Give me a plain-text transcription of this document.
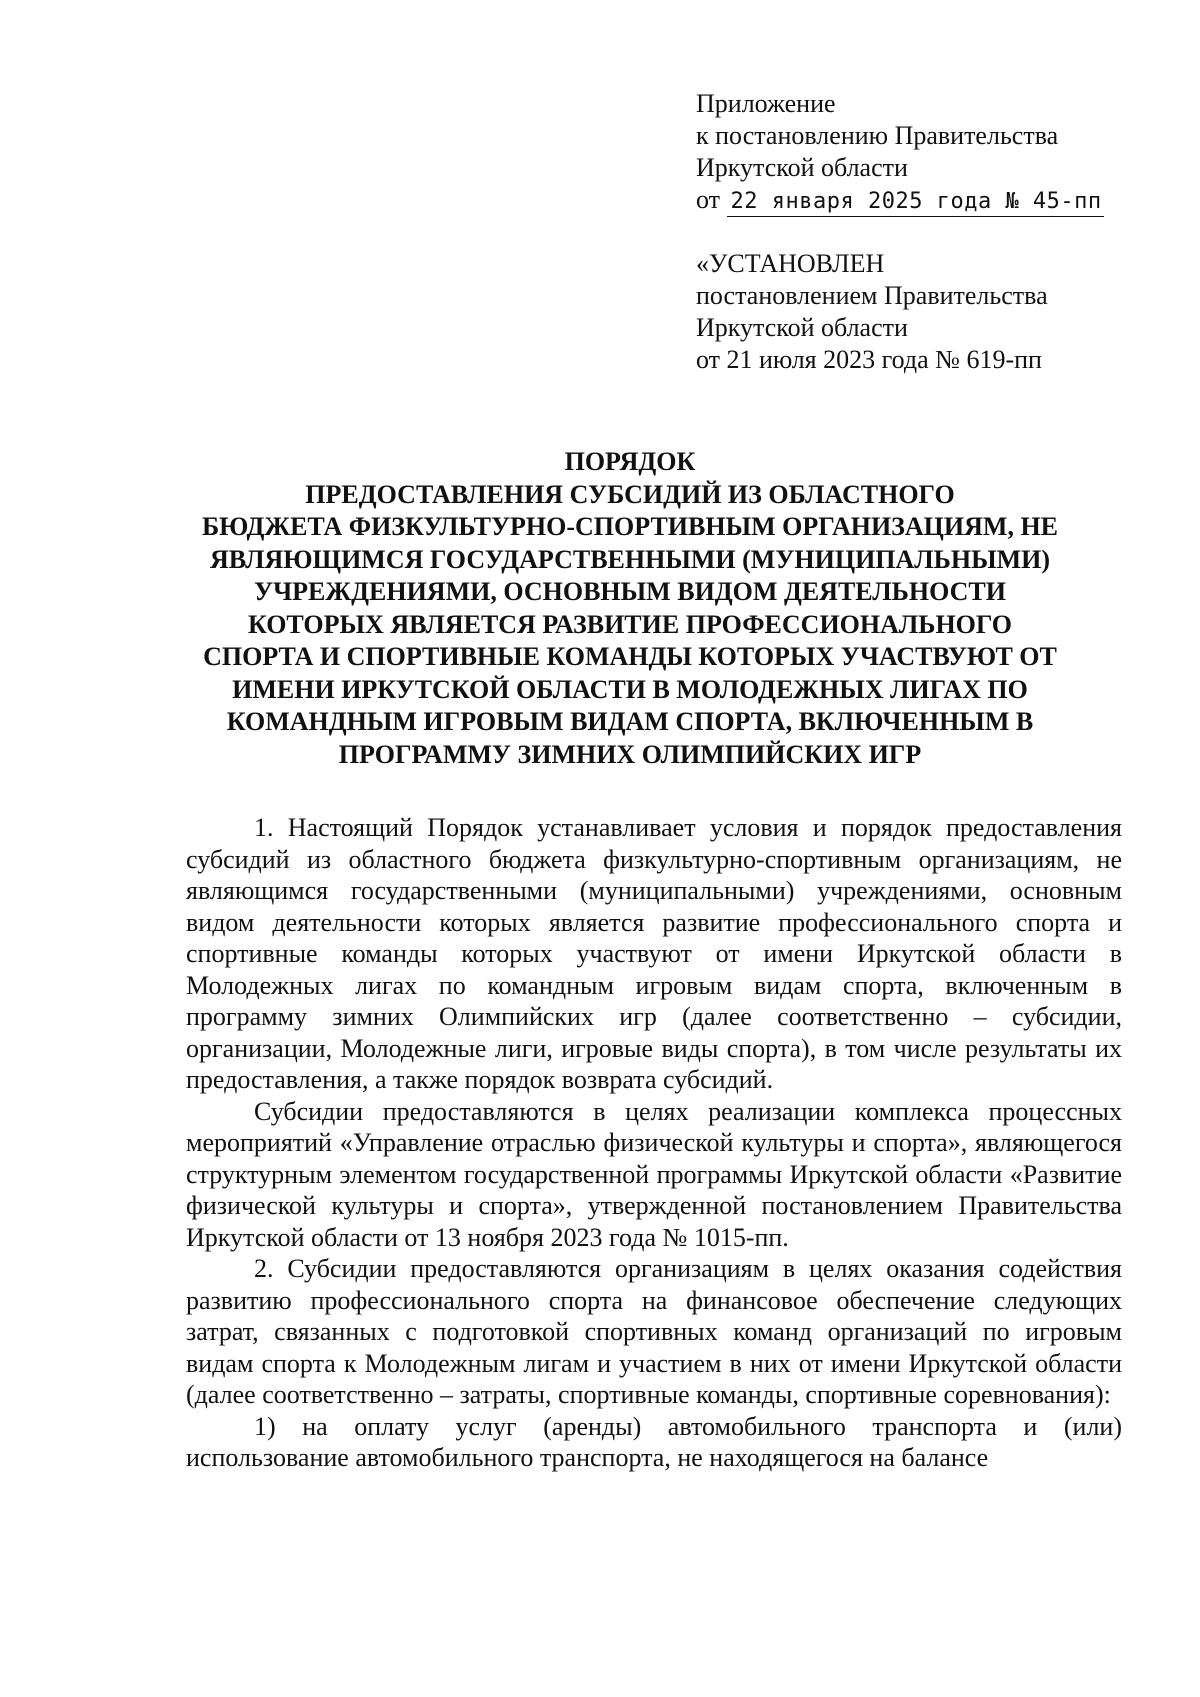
Приложение
к постановлению Правительства
Иркутской области
от 22 января 2025 года № 45-пп
«УСТАНОВЛЕН
постановлением Правительства
Иркутской области
от 21 июля 2023 года № 619-пп
ПОРЯДОК
ПРЕДОСТАВЛЕНИЯ СУБСИДИЙ ИЗ ОБЛАСТНОГО
БЮДЖЕТА ФИЗКУЛЬТУРНО-СПОРТИВНЫМ ОРГАНИЗАЦИЯМ, НЕ
ЯВЛЯЮЩИМСЯ ГОСУДАРСТВЕННЫМИ (МУНИЦИПАЛЬНЫМИ)
УЧРЕЖДЕНИЯМИ, ОСНОВНЫМ ВИДОМ ДЕЯТЕЛЬНОСТИ
КОТОРЫХ ЯВЛЯЕТСЯ РАЗВИТИЕ ПРОФЕССИОНАЛЬНОГО
СПОРТА И СПОРТИВНЫЕ КОМАНДЫ КОТОРЫХ УЧАСТВУЮТ ОТ
ИМЕНИ ИРКУТСКОЙ ОБЛАСТИ В МОЛОДЕЖНЫХ ЛИГАХ ПО
КОМАНДНЫМ ИГРОВЫМ ВИДАМ СПОРТА, ВКЛЮЧЕННЫМ В
ПРОГРАММУ ЗИМНИХ ОЛИМПИЙСКИХ ИГР

1. Настоящий Порядок устанавливает условия и порядок предоставления субсидий из областного бюджета физкультурно-спортивным организациям, не являющимся государственными (муниципальными) учреждениями, основным видом деятельности которых является развитие профессионального спорта и спортивные команды которых участвуют от имени Иркутской области в Молодежных лигах по командным игровым видам спорта, включенным в программу зимних Олимпийских игр (далее соответственно – субсидии, организации, Молодежные лиги, игровые виды спорта), в том числе результаты их предоставления, а также порядок возврата субсидий.

Субсидии предоставляются в целях реализации комплекса процессных мероприятий «Управление отраслью физической культуры и спорта», являющегося структурным элементом государственной программы Иркутской области «Развитие физической культуры и спорта», утвержденной постановлением Правительства Иркутской области от 13 ноября 2023 года № 1015-пп.

2. Субсидии предоставляются организациям в целях оказания содействия развитию профессионального спорта на финансовое обеспечение следующих затрат, связанных с подготовкой спортивных команд организаций по игровым видам спорта к Молодежным лигам и участием в них от имени Иркутской области (далее соответственно – затраты, спортивные команды, спортивные соревнования):

1) на оплату услуг (аренды) автомобильного транспорта и (или) использование автомобильного транспорта, не находящегося на балансе
